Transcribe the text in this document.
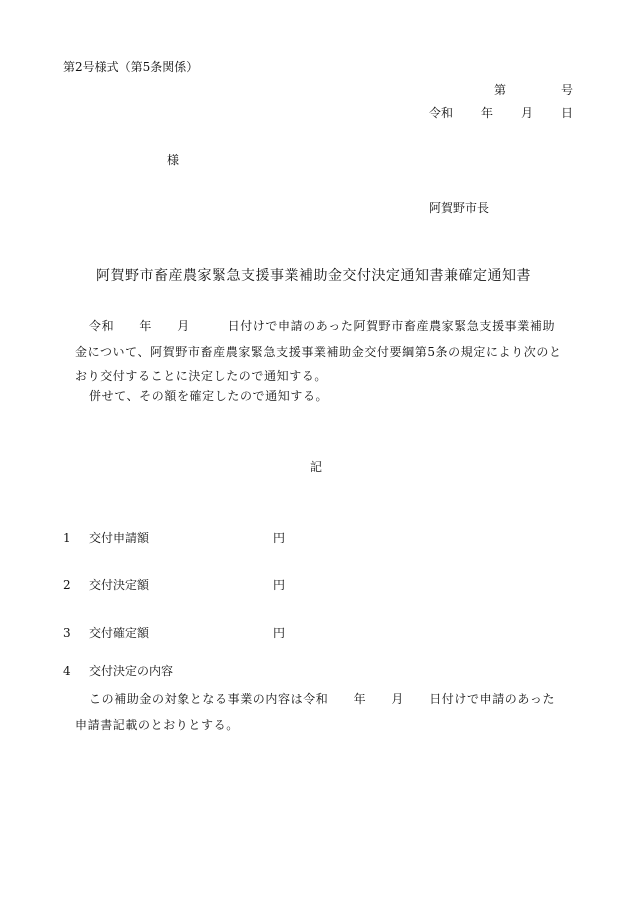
第2号様式（第5条関係）
第	号
令和 年 月 日
様
阿賀野市長
阿賀野市畜産農家緊急支援事業補助金交付決定通知書兼確定通知書
令和　　年　　月　　　日付けで申請のあった阿賀野市畜産農家緊急支援事業補助
金について、阿賀野市畜産農家緊急支援事業補助金交付要綱第5条の規定により次のと
おり交付することに決定したので通知する。
併せて、その額を確定したので通知する。
記
1 交付申請額	円
2 交付決定額	円
3 交付確定額	円
4 交付決定の内容
この補助金の対象となる事業の内容は令和　　年　　月　　日付けで申請のあった
申請書記載のとおりとする。
